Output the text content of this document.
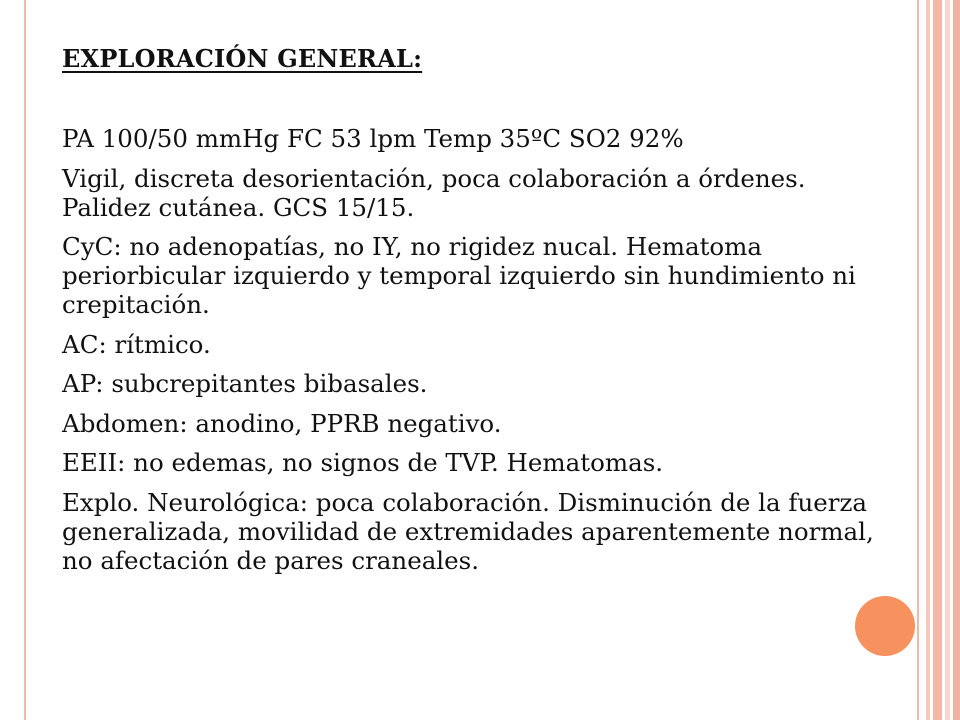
EXPLORACIÓN GENERAL:
PA 100/50 mmHg FC 53 lpm Temp 35ºC SO2 92%
Vigil, discreta desorientación, poca colaboración a órdenes. Palidez cutánea. GCS 15/15.
CyC: no adenopatías, no IY, no rigidez nucal. Hematoma periorbicular izquierdo y temporal izquierdo sin hundimiento ni crepitación.
AC: rítmico.
AP: subcrepitantes bibasales.
Abdomen: anodino, PPRB negativo.
EEII: no edemas, no signos de TVP. Hematomas.
Explo. Neurológica: poca colaboración. Disminución de la fuerza generalizada, movilidad de extremidades aparentemente normal, no afectación de pares craneales.
